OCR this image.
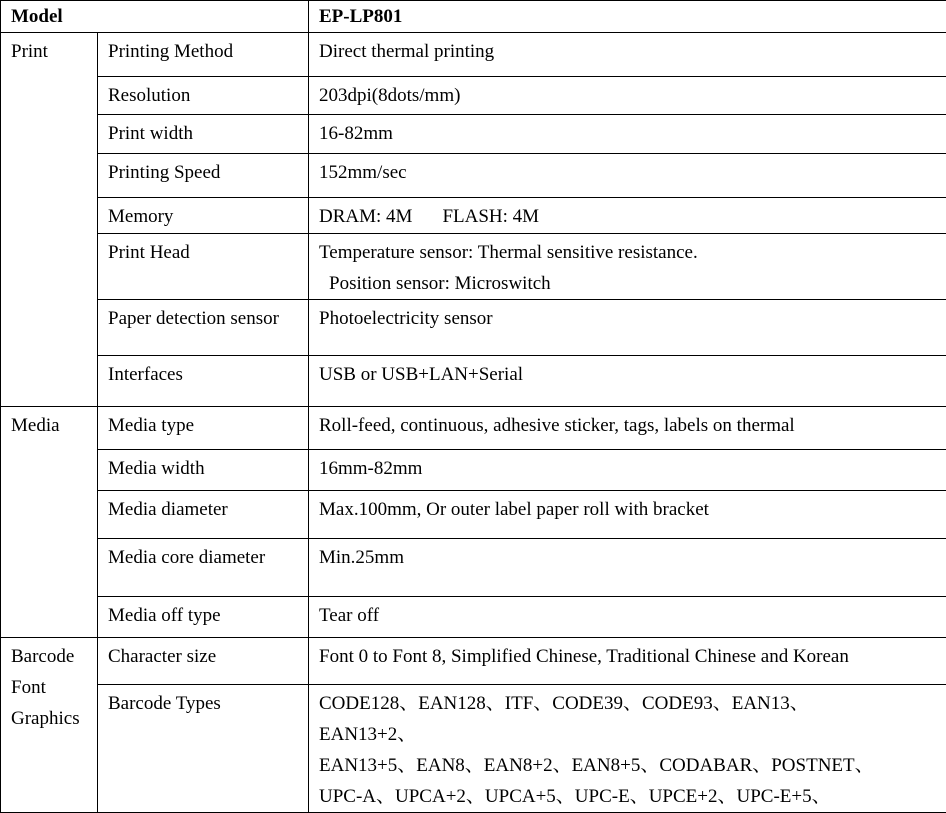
Model		EP-LP801
Print	Printing Method	Direct thermal printing
	Resolution	203dpi(8dots/mm)
	Print width	16-82mm
	Printing Speed	152mm/sec
	Memory	DRAM: 4M FLASH: 4M
	Print Head	Temperature sensor: Thermal sensitive resistance.
Position sensor: Microswitch

	Paper detection sensor	Photoelectricity sensor
	Interfaces	USB or USB+LAN+Serial
Media	Media type	Roll-feed, continuous, adhesive sticker, tags, labels on thermal
	Media width	16mm-82mm
	Media diameter	Max.100mm, Or outer label paper roll with bracket
	Media core diameter	Min.25mm
	Media off type	Tear off

Barcode
Font
Graphics	Character size	Font 0 to Font 8, Simplified Chinese, Traditional Chinese and Korean
	Barcode Types	CODE128、EAN128、ITF、CODE39、CODE93、EAN13、
EAN13+2、
EAN13+5、EAN8、EAN8+2、EAN8+5、CODABAR、POSTNET、
UPC-A、UPCA+2、UPCA+5、UPC-E、UPCE+2、UPC-E+5、
